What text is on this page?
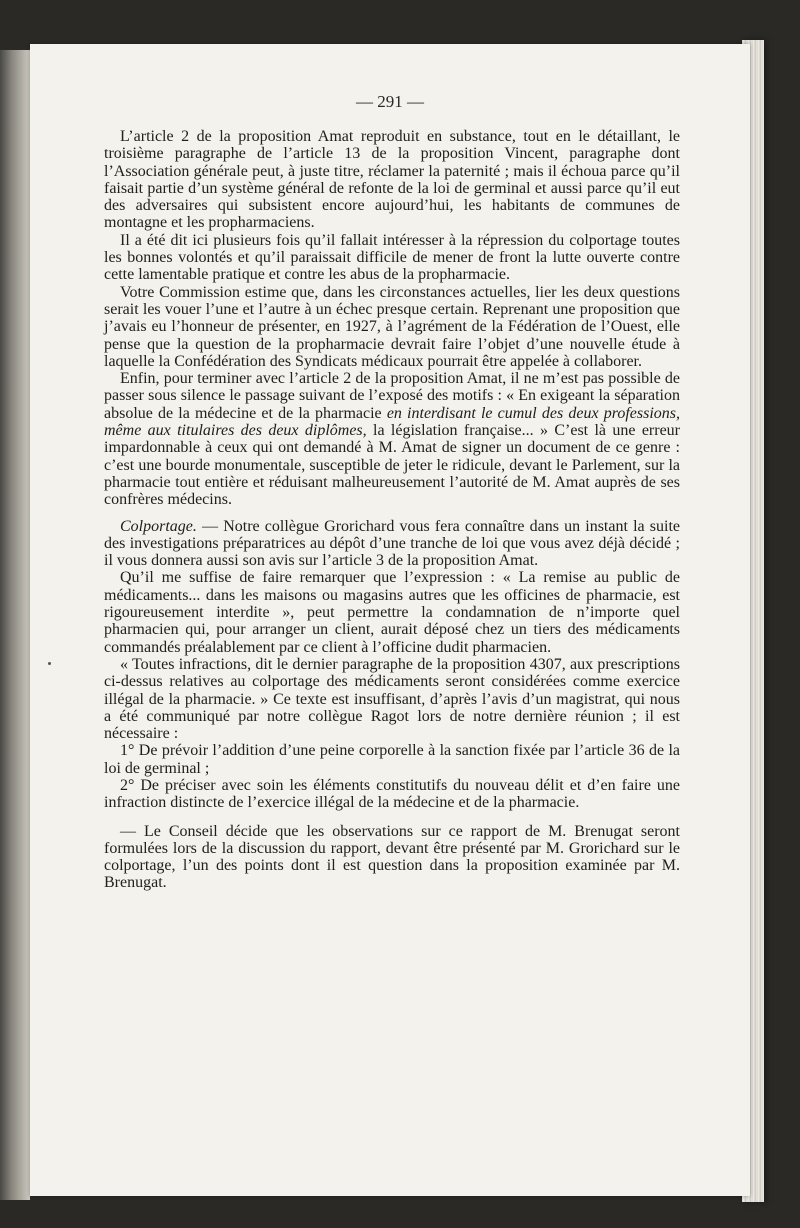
— 291 —

L’article 2 de la proposition Amat reproduit en substance, tout en le détaillant, le troisième paragraphe de l’article 13 de la proposition Vincent, paragraphe dont l’Association générale peut, à juste titre, réclamer la paternité ; mais il échoua parce qu’il faisait partie d’un système général de refonte de la loi de germinal et aussi parce qu’il eut des adversaires qui subsistent encore aujourd’hui, les habitants de communes de montagne et les propharmaciens.

Il a été dit ici plusieurs fois qu’il fallait intéresser à la répression du colportage toutes les bonnes volontés et qu’il paraissait difficile de mener de front la lutte ouverte contre cette lamentable pratique et contre les abus de la propharmacie.

Votre Commission estime que, dans les circonstances actuelles, lier les deux questions serait les vouer l’une et l’autre à un échec presque certain. Reprenant une proposition que j’avais eu l’honneur de présenter, en 1927, à l’agrément de la Fédération de l’Ouest, elle pense que la question de la propharmacie devrait faire l’objet d’une nouvelle étude à laquelle la Confédération des Syndicats médicaux pourrait être appelée à collaborer.

Enfin, pour terminer avec l’article 2 de la proposition Amat, il ne m’est pas possible de passer sous silence le passage suivant de l’exposé des motifs : « En exigeant la séparation absolue de la médecine et de la pharmacie en interdisant le cumul des deux professions, même aux titulaires des deux diplômes, la législation française... » C’est là une erreur impardonnable à ceux qui ont demandé à M. Amat de signer un document de ce genre : c’est une bourde monumentale, susceptible de jeter le ridicule, devant le Parlement, sur la pharmacie tout entière et réduisant malheureusement l’autorité de M. Amat auprès de ses confrères médecins.

Colportage. — Notre collègue Grorichard vous fera connaître dans un instant la suite des investigations préparatrices au dépôt d’une tranche de loi que vous avez déjà décidé ; il vous donnera aussi son avis sur l’article 3 de la proposition Amat.

Qu’il me suffise de faire remarquer que l’expression : « La remise au public de médicaments... dans les maisons ou magasins autres que les officines de pharmacie, est rigoureusement interdite », peut permettre la condamnation de n’importe quel pharmacien qui, pour arranger un client, aurait déposé chez un tiers des médicaments commandés préalablement par ce client à l’officine dudit pharmacien.

« Toutes infractions, dit le dernier paragraphe de la proposition 4307, aux prescriptions ci-dessus relatives au colportage des médicaments seront considérées comme exercice illégal de la pharmacie. » Ce texte est insuffisant, d’après l’avis d’un magistrat, qui nous a été communiqué par notre collègue Ragot lors de notre dernière réunion ; il est nécessaire :

1° De prévoir l’addition d’une peine corporelle à la sanction fixée par l’article 36 de la loi de germinal ;

2° De préciser avec soin les éléments constitutifs du nouveau délit et d’en faire une infraction distincte de l’exercice illégal de la médecine et de la pharmacie.

— Le Conseil décide que les observations sur ce rapport de M. Brenugat seront formulées lors de la discussion du rapport, devant être présenté par M. Grorichard sur le colportage, l’un des points dont il est question dans la proposition examinée par M. Brenugat.
